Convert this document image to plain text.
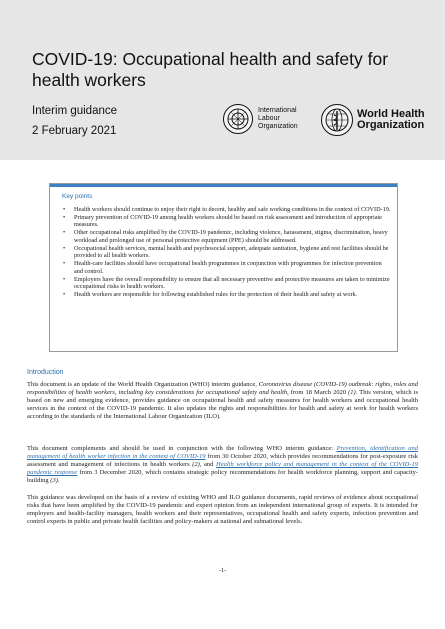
COVID-19: Occupational health and safety for health workers
Interim guidance
2 February 2021
International Labour Organization
World Health Organization
Key points
• Health workers should continue to enjoy their right to decent, healthy and safe working conditions in the context of COVID-19.
• Primary prevention of COVID-19 among health workers should be based on risk assessment and introduction of appropriate measures.
• Other occupational risks amplified by the COVID-19 pandemic, including violence, harassment, stigma, discrimination, heavy workload and prolonged use of personal protective equipment (PPE) should be addressed.
• Occupational health services, mental health and psychosocial support, adequate sanitation, hygiene and rest facilities should be provided to all health workers.
• Health-care facilities should have occupational health programmes in conjunction with programmes for infection prevention and control.
• Employers have the overall responsibility to ensure that all necessary preventive and protective measures are taken to minimize occupational risks to health workers.
• Health workers are responsible for following established rules for the protection of their health and safety at work.
Introduction

This document is an update of the World Health Organization (WHO) interim guidance, Coronavirus disease (COVID-19) outbreak: rights, roles and responsibilities of health workers, including key considerations for occupational safety and health, from 18 March 2020 (1). This version, which is based on new and emerging evidence, provides guidance on occupational health and safety measures for health workers and occupational health services in the context of the COVID-19 pandemic. It also updates the rights and responsibilities for health and safety at work for health workers according to the standards of the International Labour Organization (ILO).

This document complements and should be used in conjunction with the following WHO interim guidance: Prevention, identification and management of health worker infection in the context of COVID-19 from 30 October 2020, which provides recommendations for post-exposure risk assessment and management of infections in health workers (2), and Health workforce policy and management in the context of the COVID-19 pandemic response from 3 December 2020, which contains strategic policy recommendations for health workforce planning, support and capacity-building (3).

This guidance was developed on the basis of a review of existing WHO and ILO guidance documents, rapid reviews of evidence about occupational risks that have been amplified by the COVID-19 pandemic and expert opinion from an independent international group of experts. It is intended for employers and health-facility managers, health workers and their representatives, occupational health and safety experts, infection prevention and control experts in public and private health facilities and policy-makers at national and subnational levels.

-1-
